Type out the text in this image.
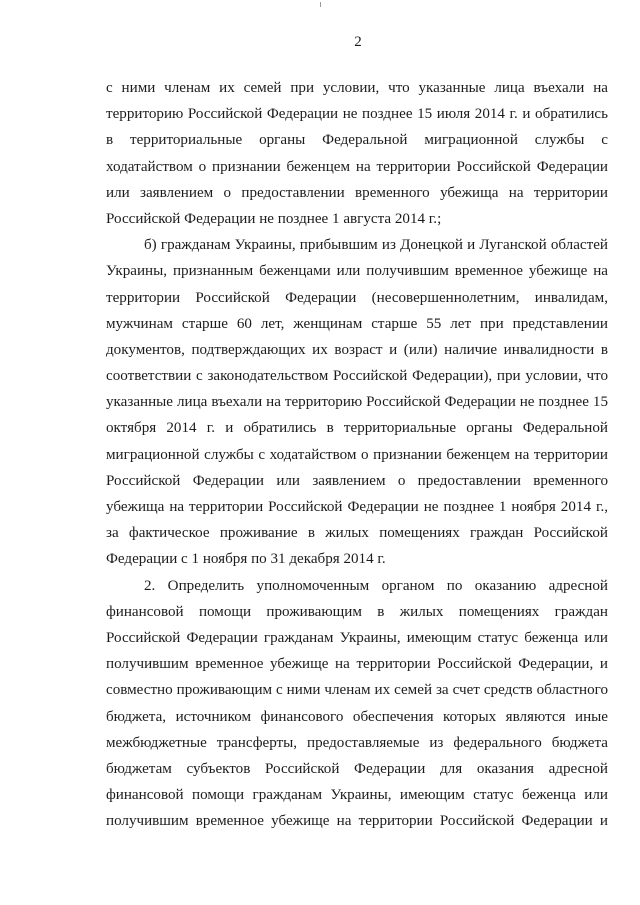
2
с ними членам их семей при условии, что указанные лица въехали на
территорию Российской Федерации не позднее 15 июля 2014 г. и обратились
в территориальные органы Федеральной миграционной службы с
ходатайством о признании беженцем на территории Российской Федерации
или заявлением о предоставлении временного убежища на территории
Российской Федерации не позднее 1 августа 2014 г.;
б) гражданам Украины, прибывшим из Донецкой и Луганской областей
Украины, признанным беженцами или получившим временное убежище на
территории Российской Федерации (несовершеннолетним, инвалидам,
мужчинам старше 60 лет, женщинам старше 55 лет при представлении
документов, подтверждающих их возраст и (или) наличие инвалидности в
соответствии с законодательством Российской Федерации), при условии, что
указанные лица въехали на территорию Российской Федерации не позднее 15
октября 2014 г. и обратились в территориальные органы Федеральной
миграционной службы с ходатайством о признании беженцем на территории
Российской Федерации или заявлением о предоставлении временного
убежища на территории Российской Федерации не позднее 1 ноября 2014 г.,
за фактическое проживание в жилых помещениях граждан Российской
Федерации с 1 ноября по 31 декабря 2014 г.
2. Определить уполномоченным органом по оказанию адресной
финансовой помощи проживающим в жилых помещениях граждан
Российской Федерации гражданам Украины, имеющим статус беженца или
получившим временное убежище на территории Российской Федерации, и
совместно проживающим с ними членам их семей за счет средств областного
бюджета, источником финансового обеспечения которых являются иные
межбюджетные трансферты, предоставляемые из федерального бюджета
бюджетам субъектов Российской Федерации для оказания адресной
финансовой помощи гражданам Украины, имеющим статус беженца или
получившим временное убежище на территории Российской Федерации и
